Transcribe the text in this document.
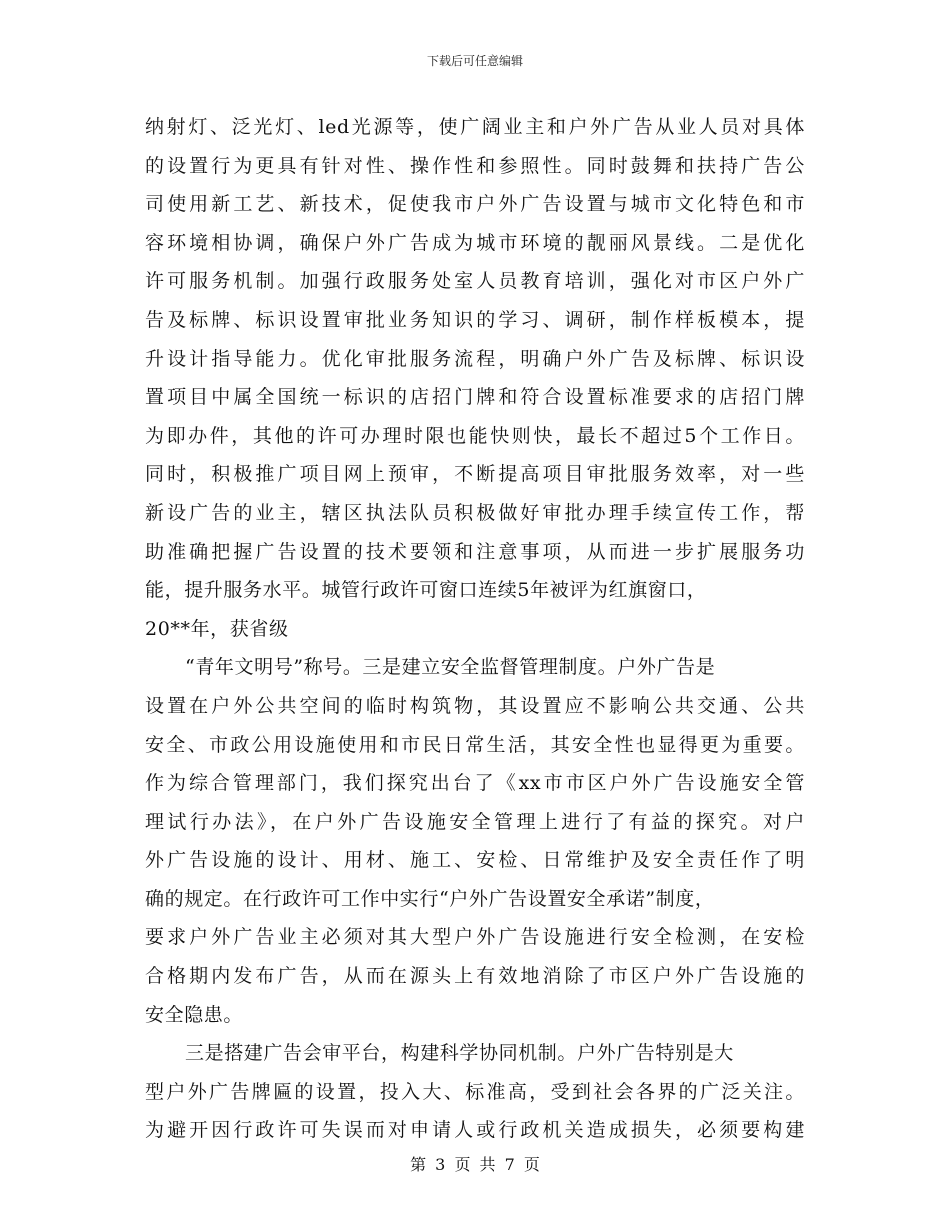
下载后可任意编辑
纳射灯、泛光灯、led光源等，使广阔业主和户外广告从业人员对具体
的设置行为更具有针对性、操作性和参照性。同时鼓舞和扶持广告公
司使用新工艺、新技术，促使我市户外广告设置与城市文化特色和市
容环境相协调，确保户外广告成为城市环境的靓丽风景线。二是优化
许可服务机制。加强行政服务处室人员教育培训，强化对市区户外广
告及标牌、标识设置审批业务知识的学习、调研，制作样板模本，提
升设计指导能力。优化审批服务流程，明确户外广告及标牌、标识设
置项目中属全国统一标识的店招门牌和符合设置标准要求的店招门牌
为即办件，其他的许可办理时限也能快则快，最长不超过5个工作日。
同时，积极推广项目网上预审，不断提高项目审批服务效率，对一些
新设广告的业主，辖区执法队员积极做好审批办理手续宣传工作，帮
助准确把握广告设置的技术要领和注意事项，从而进一步扩展服务功
能，提升服务水平。城管行政许可窗口连续5年被评为红旗窗口，
20**年，获省级
“青年文明号”称号。三是建立安全监督管理制度。户外广告是
设置在户外公共空间的临时构筑物，其设置应不影响公共交通、公共
安全、市政公用设施使用和市民日常生活，其安全性也显得更为重要。
作为综合管理部门，我们探究出台了《xx市市区户外广告设施安全管
理试行办法》，在户外广告设施安全管理上进行了有益的探究。对户
外广告设施的设计、用材、施工、安检、日常维护及安全责任作了明
确的规定。在行政许可工作中实行“户外广告设置安全承诺”制度，
要求户外广告业主必须对其大型户外广告设施进行安全检测，在安检
合格期内发布广告，从而在源头上有效地消除了市区户外广告设施的
安全隐患。
三是搭建广告会审平台，构建科学协同机制。户外广告特别是大
型户外广告牌匾的设置，投入大、标准高，受到社会各界的广泛关注。
为避开因行政许可失误而对申请人或行政机关造成损失，必须要构建
第 3 页 共 7 页
